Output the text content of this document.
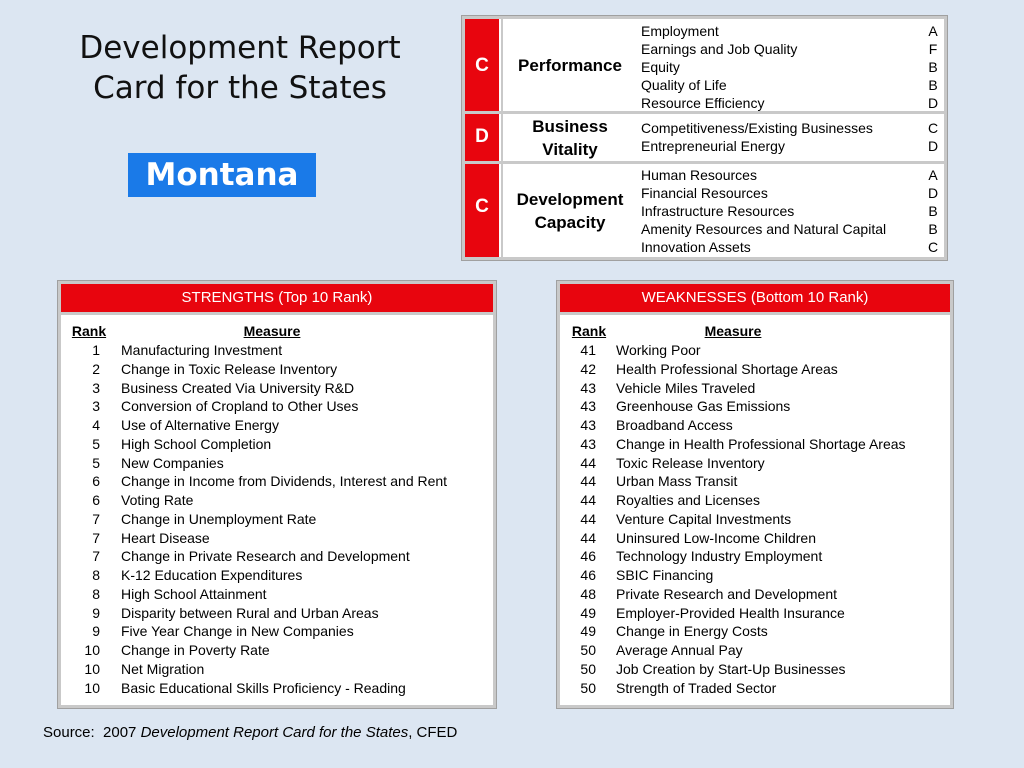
Development Report
Card for the States
Montana
C	Performance
Employment	A
Earnings and Job Quality	F
Equity	B
Quality of Life	B
Resource Efficiency	D
D	Business
Vitality
Competitiveness/Existing Businesses	C
Entrepreneurial Energy	D
C	Development
Capacity
Human Resources	A
Financial Resources	D
Infrastructure Resources	B
Amenity Resources and Natural Capital	B
Innovation Assets	C
STRENGTHS (Top 10 Rank)
Rank	Measure
1 Manufacturing Investment
2 Change in Toxic Release Inventory
3 Business Created Via University R&D
3 Conversion of Cropland to Other Uses
4 Use of Alternative Energy
5 High School Completion
5 New Companies
6 Change in Income from Dividends, Interest and Rent
6 Voting Rate
7 Change in Unemployment Rate
7 Heart Disease
7 Change in Private Research and Development
8 K-12 Education Expenditures
8 High School Attainment
9 Disparity between Rural and Urban Areas
9 Five Year Change in New Companies
10 Change in Poverty Rate
10 Net Migration
10 Basic Educational Skills Proficiency - Reading
WEAKNESSES (Bottom 10 Rank)
Rank	Measure
41 Working Poor
42 Health Professional Shortage Areas
43 Vehicle Miles Traveled
43 Greenhouse Gas Emissions
43 Broadband Access
43 Change in Health Professional Shortage Areas
44 Toxic Release Inventory
44 Urban Mass Transit
44 Royalties and Licenses
44 Venture Capital Investments
44 Uninsured Low-Income Children
46 Technology Industry Employment
46 SBIC Financing
48 Private Research and Development
49 Employer-Provided Health Insurance
49 Change in Energy Costs
50 Average Annual Pay
50 Job Creation by Start-Up Businesses
50 Strength of Traded Sector
Source:  2007 Development Report Card for the States, CFED
